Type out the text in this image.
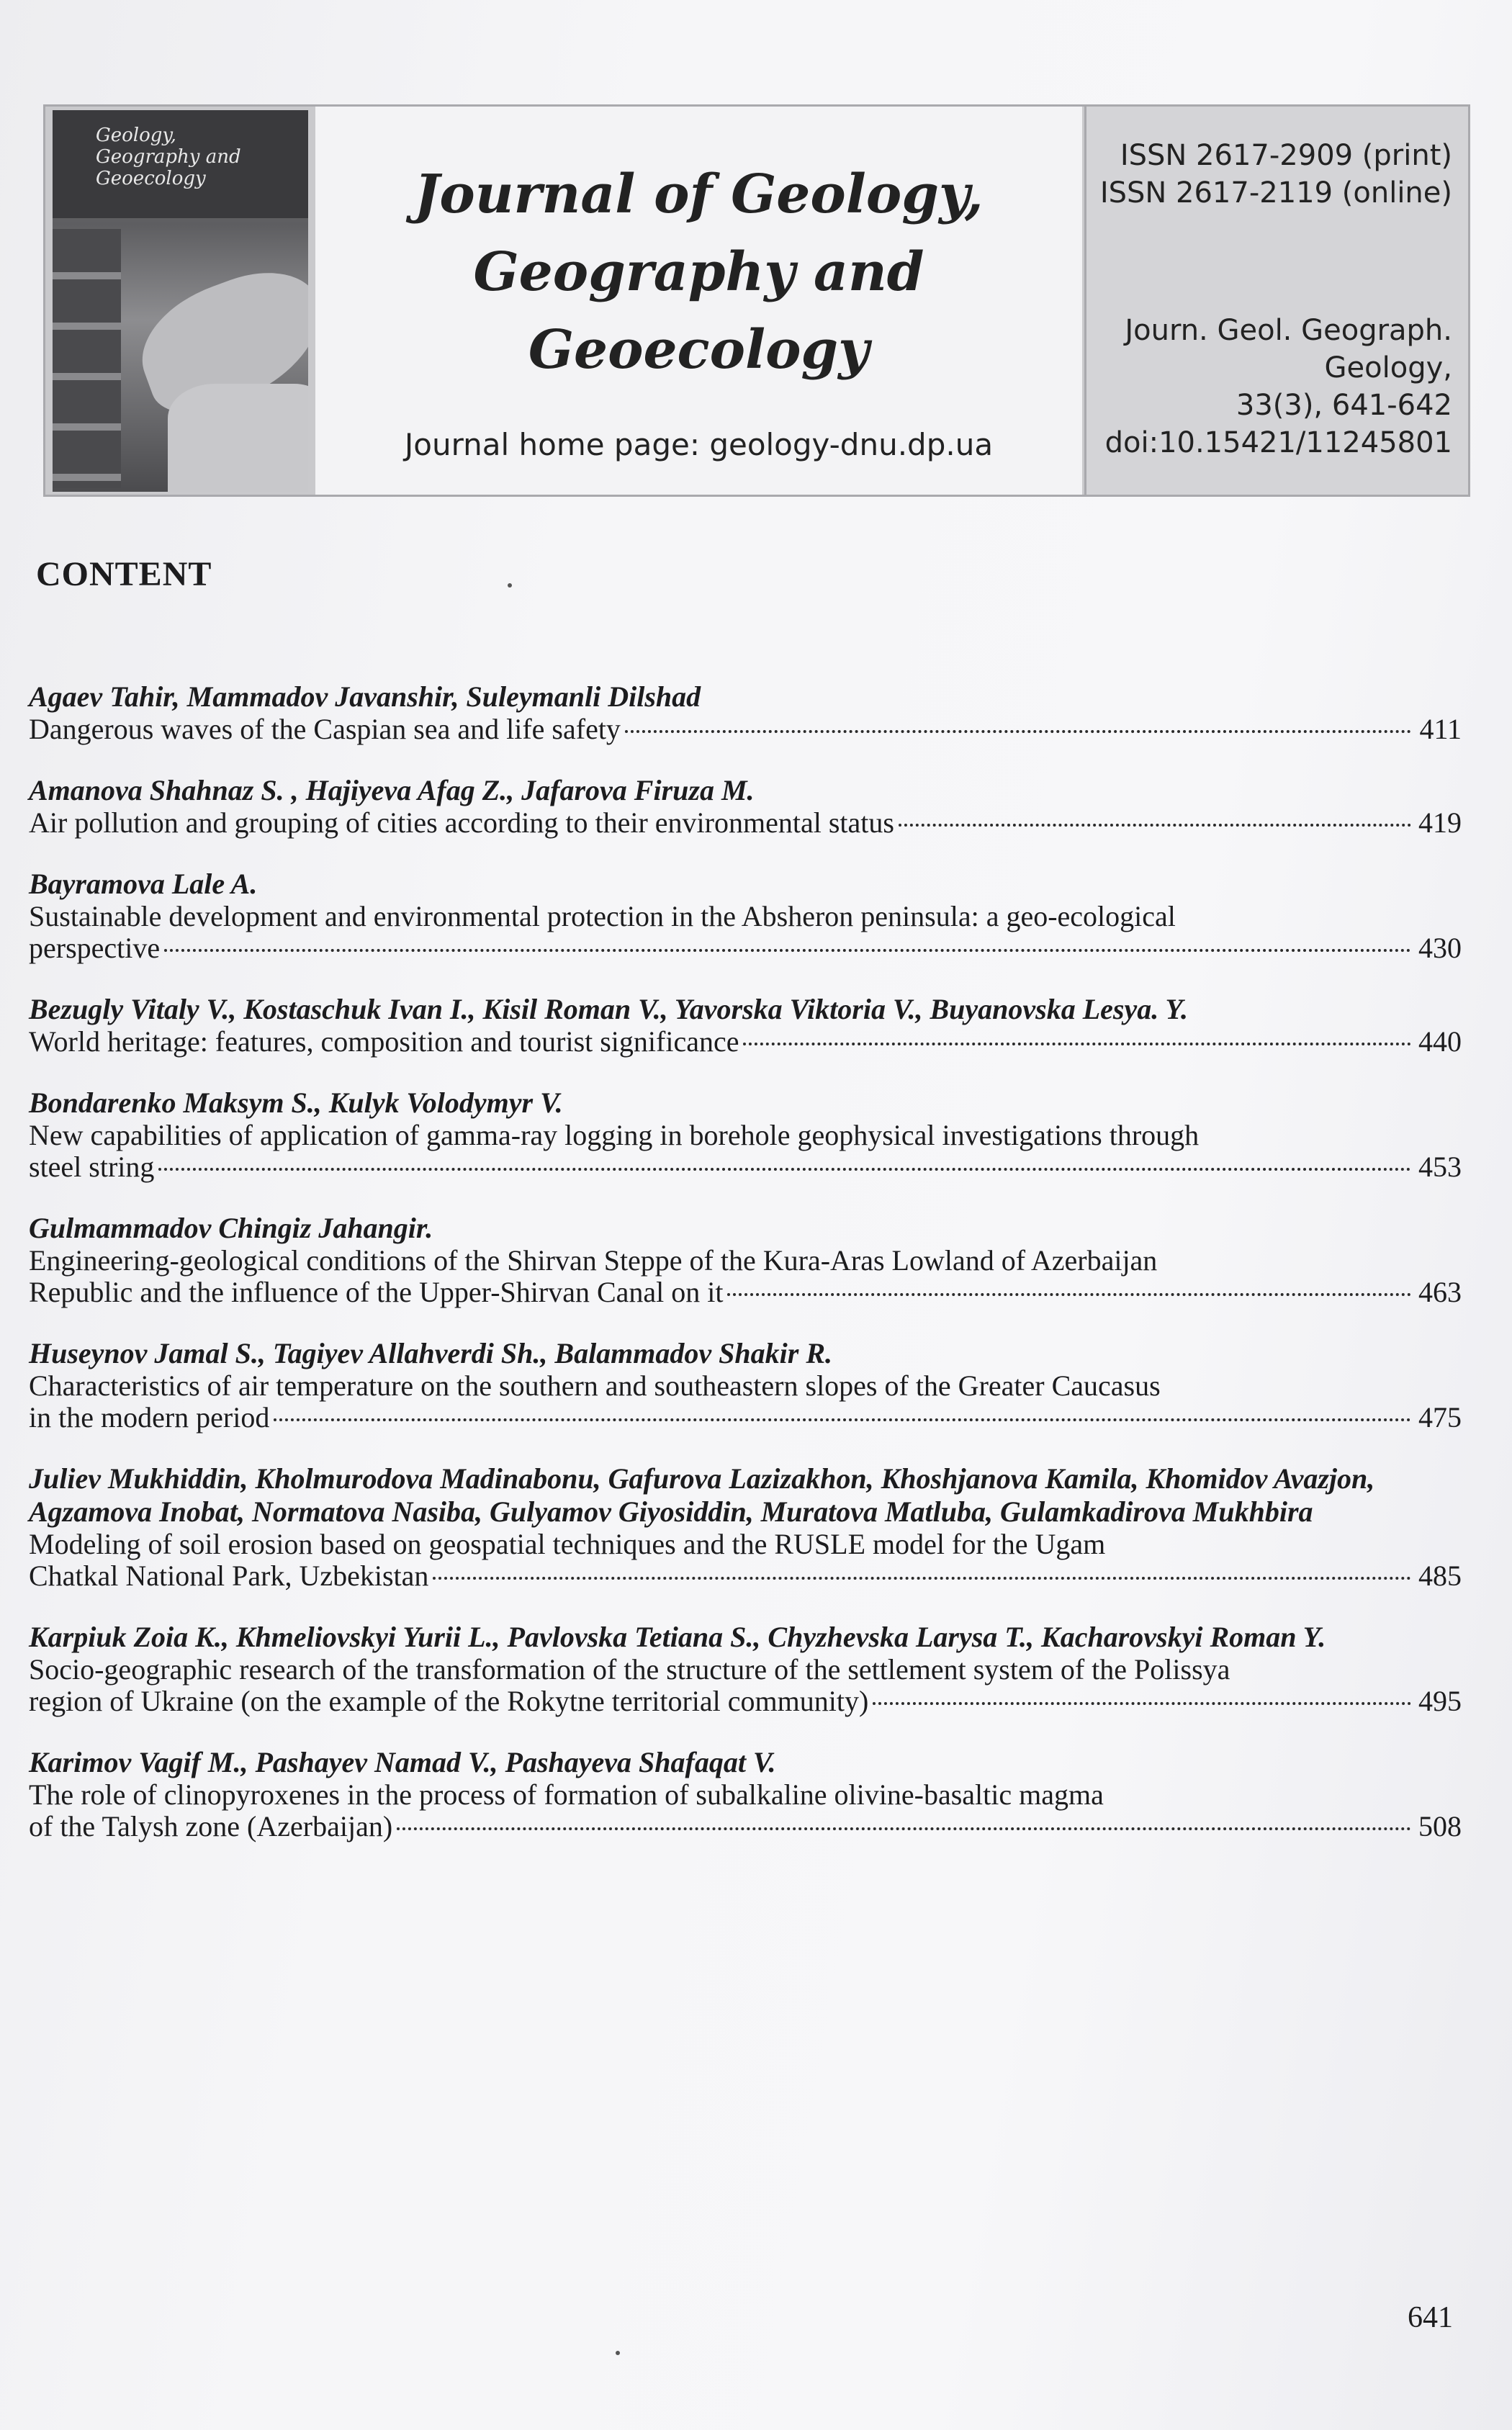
Geology,
Geography and
Geoecology	Journal of Geology,
Geography and
Geoecology
Journal home page: geology-dnu.dp.ua
ISSN 2617-2909 (print)
ISSN 2617-2119 (online)
Journ. Geol. Geograph.
Geology,
33(3), 641-642
doi:10.15421/11245801
CONTENT
Agaev Tahir, Mammadov Javanshir, Suleymanli Dilshad
Dangerous waves of the Caspian sea and life safety	411
Amanova Shahnaz S. , Hajiyeva Afag Z., Jafarova Firuza M.
Air pollution and grouping of cities according to their environmental status	419
Bayramova Lale A.
Sustainable development and environmental protection in the Absheron peninsula: a geo-ecological
perspective	430
Bezugly Vitaly V., Kostaschuk Ivan I., Kisil Roman V., Yavorska Viktoria V., Buyanovska Lesya. Y.
World heritage: features, composition and tourist significance	440
Bondarenko Maksym S., Kulyk Volodymyr V.
New capabilities of application of gamma-ray logging in borehole geophysical investigations through
steel string	453
Gulmammadov Chingiz Jahangir.
Engineering-geological conditions of the Shirvan Steppe of the Kura-Aras Lowland of Azerbaijan
Republic and the influence of the Upper-Shirvan Canal on it	463
Huseynov Jamal S., Tagiyev Allahverdi Sh., Balammadov Shakir R.
Characteristics of air temperature on the southern and southeastern slopes of the Greater Caucasus
in the modern period	475
Juliev Mukhiddin, Kholmurodova Madinabonu, Gafurova Lazizakhon, Khoshjanova Kamila, Khomidov Avazjon, Agzamova Inobat, Normatova Nasiba, Gulyamov Giyosiddin, Muratova Matluba, Gulamkadirova Mukhbira
Modeling of soil erosion based on geospatial techniques and the RUSLE model for the Ugam
Chatkal National Park, Uzbekistan	485
Karpiuk Zoia K., Khmeliovskyi Yurii L., Pavlovska Tetiana S., Chyzhevska Larysa T., Kacharovskyi Roman Y.
Socio-geographic research of the transformation of the structure of the settlement system of the Polissya
region of Ukraine (on the example of the Rokytne territorial community)	495
Karimov Vagif M., Pashayev Namad V., Pashayeva Shafaqat V.
The role of clinopyroxenes in the process of formation of subalkaline olivine-basaltic magma
of the Talysh zone (Azerbaijan)	508
641
